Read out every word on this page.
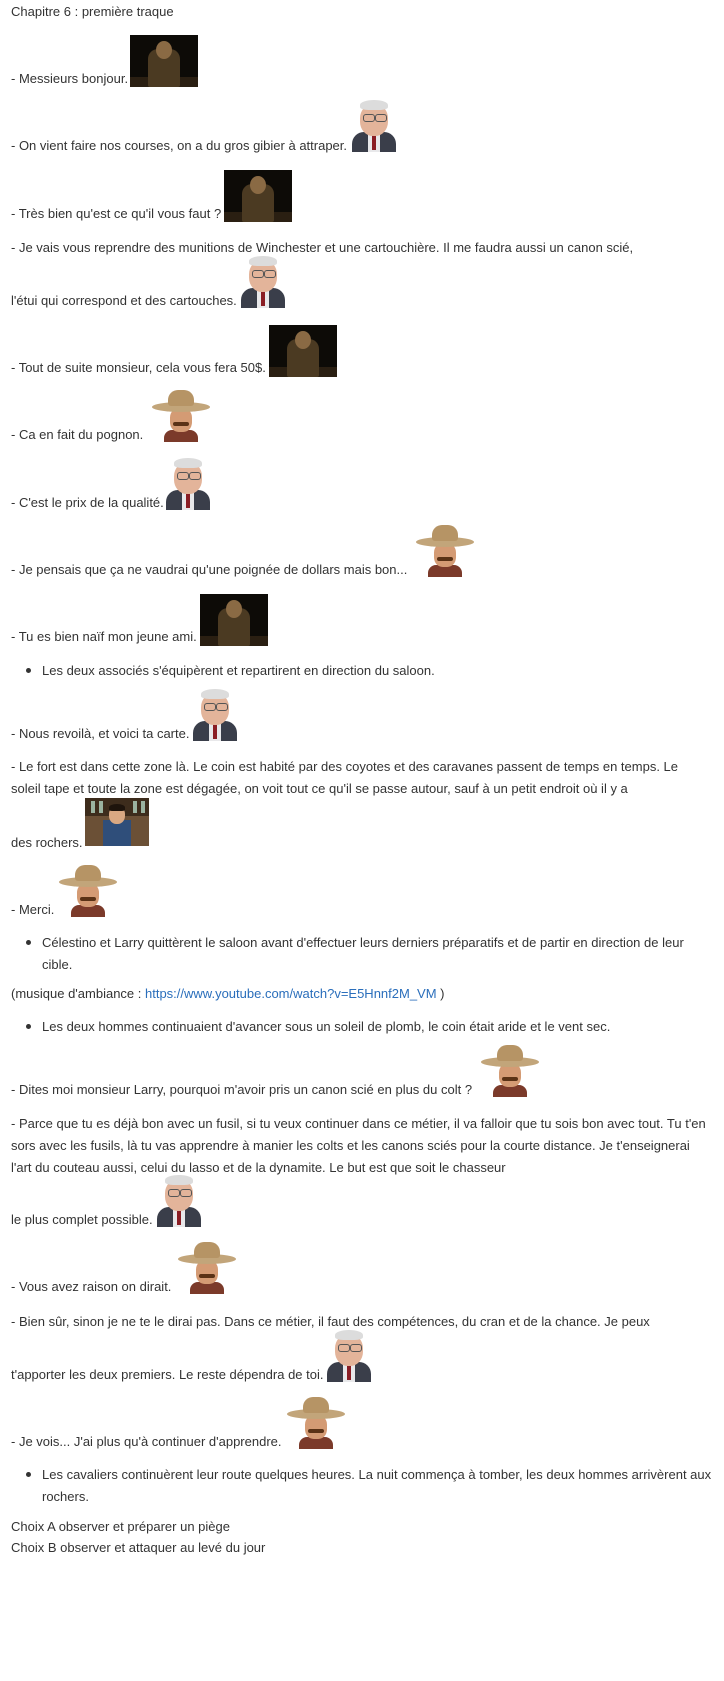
Chapitre 6 : première traque
- Messieurs bonjour.
- On vient faire nos courses, on a du gros gibier à attraper.
- Très bien qu'est ce qu'il vous faut ?
- Je vais vous reprendre des munitions de Winchester et une cartouchière. Il me faudra aussi un canon scié,
l'étui qui correspond et des cartouches.
- Tout de suite monsieur, cela vous fera 50$.
- Ca en fait du pognon.
- C'est le prix de la qualité.
- Je pensais que ça ne vaudrai qu'une poignée de dollars mais bon...
- Tu es bien naïf mon jeune ami.
Les deux associés s'équipèrent et repartirent en direction du saloon.
- Nous revoilà, et voici ta carte.
- Le fort est dans cette zone là. Le coin est habité par des coyotes et des caravanes passent de temps en temps. Le soleil tape et toute la zone est dégagée, on voit tout ce qu'il se passe autour, sauf à un petit endroit où il y a
des rochers.
- Merci.
Célestino et Larry quittèrent le saloon avant d'effectuer leurs derniers préparatifs et de partir en direction de leur cible.
(musique d'ambiance : https://www.youtube.com/watch?v=E5Hnnf2M_VM )
Les deux hommes continuaient d'avancer sous un soleil de plomb, le coin était aride et le vent sec.
- Dites moi monsieur Larry, pourquoi m'avoir pris un canon scié en plus du colt ?
- Parce que tu es déjà bon avec un fusil, si tu veux continuer dans ce métier, il va falloir que tu sois bon avec tout. Tu t'en sors avec les fusils, là tu vas apprendre à manier les colts et les canons sciés pour la courte distance. Je t'enseignerai l'art du couteau aussi, celui du lasso et de la dynamite. Le but est que soit le chasseur
le plus complet possible.
- Vous avez raison on dirait.
- Bien sûr, sinon je ne te le dirai pas. Dans ce métier, il faut des compétences, du cran et de la chance. Je peux
t'apporter les deux premiers. Le reste dépendra de toi.
- Je vois... J'ai plus qu'à continuer d'apprendre.
Les cavaliers continuèrent leur route quelques heures. La nuit commença à tomber, les deux hommes arrivèrent aux rochers.
Choix A observer et préparer un piège
Choix B observer et attaquer au levé du jour
